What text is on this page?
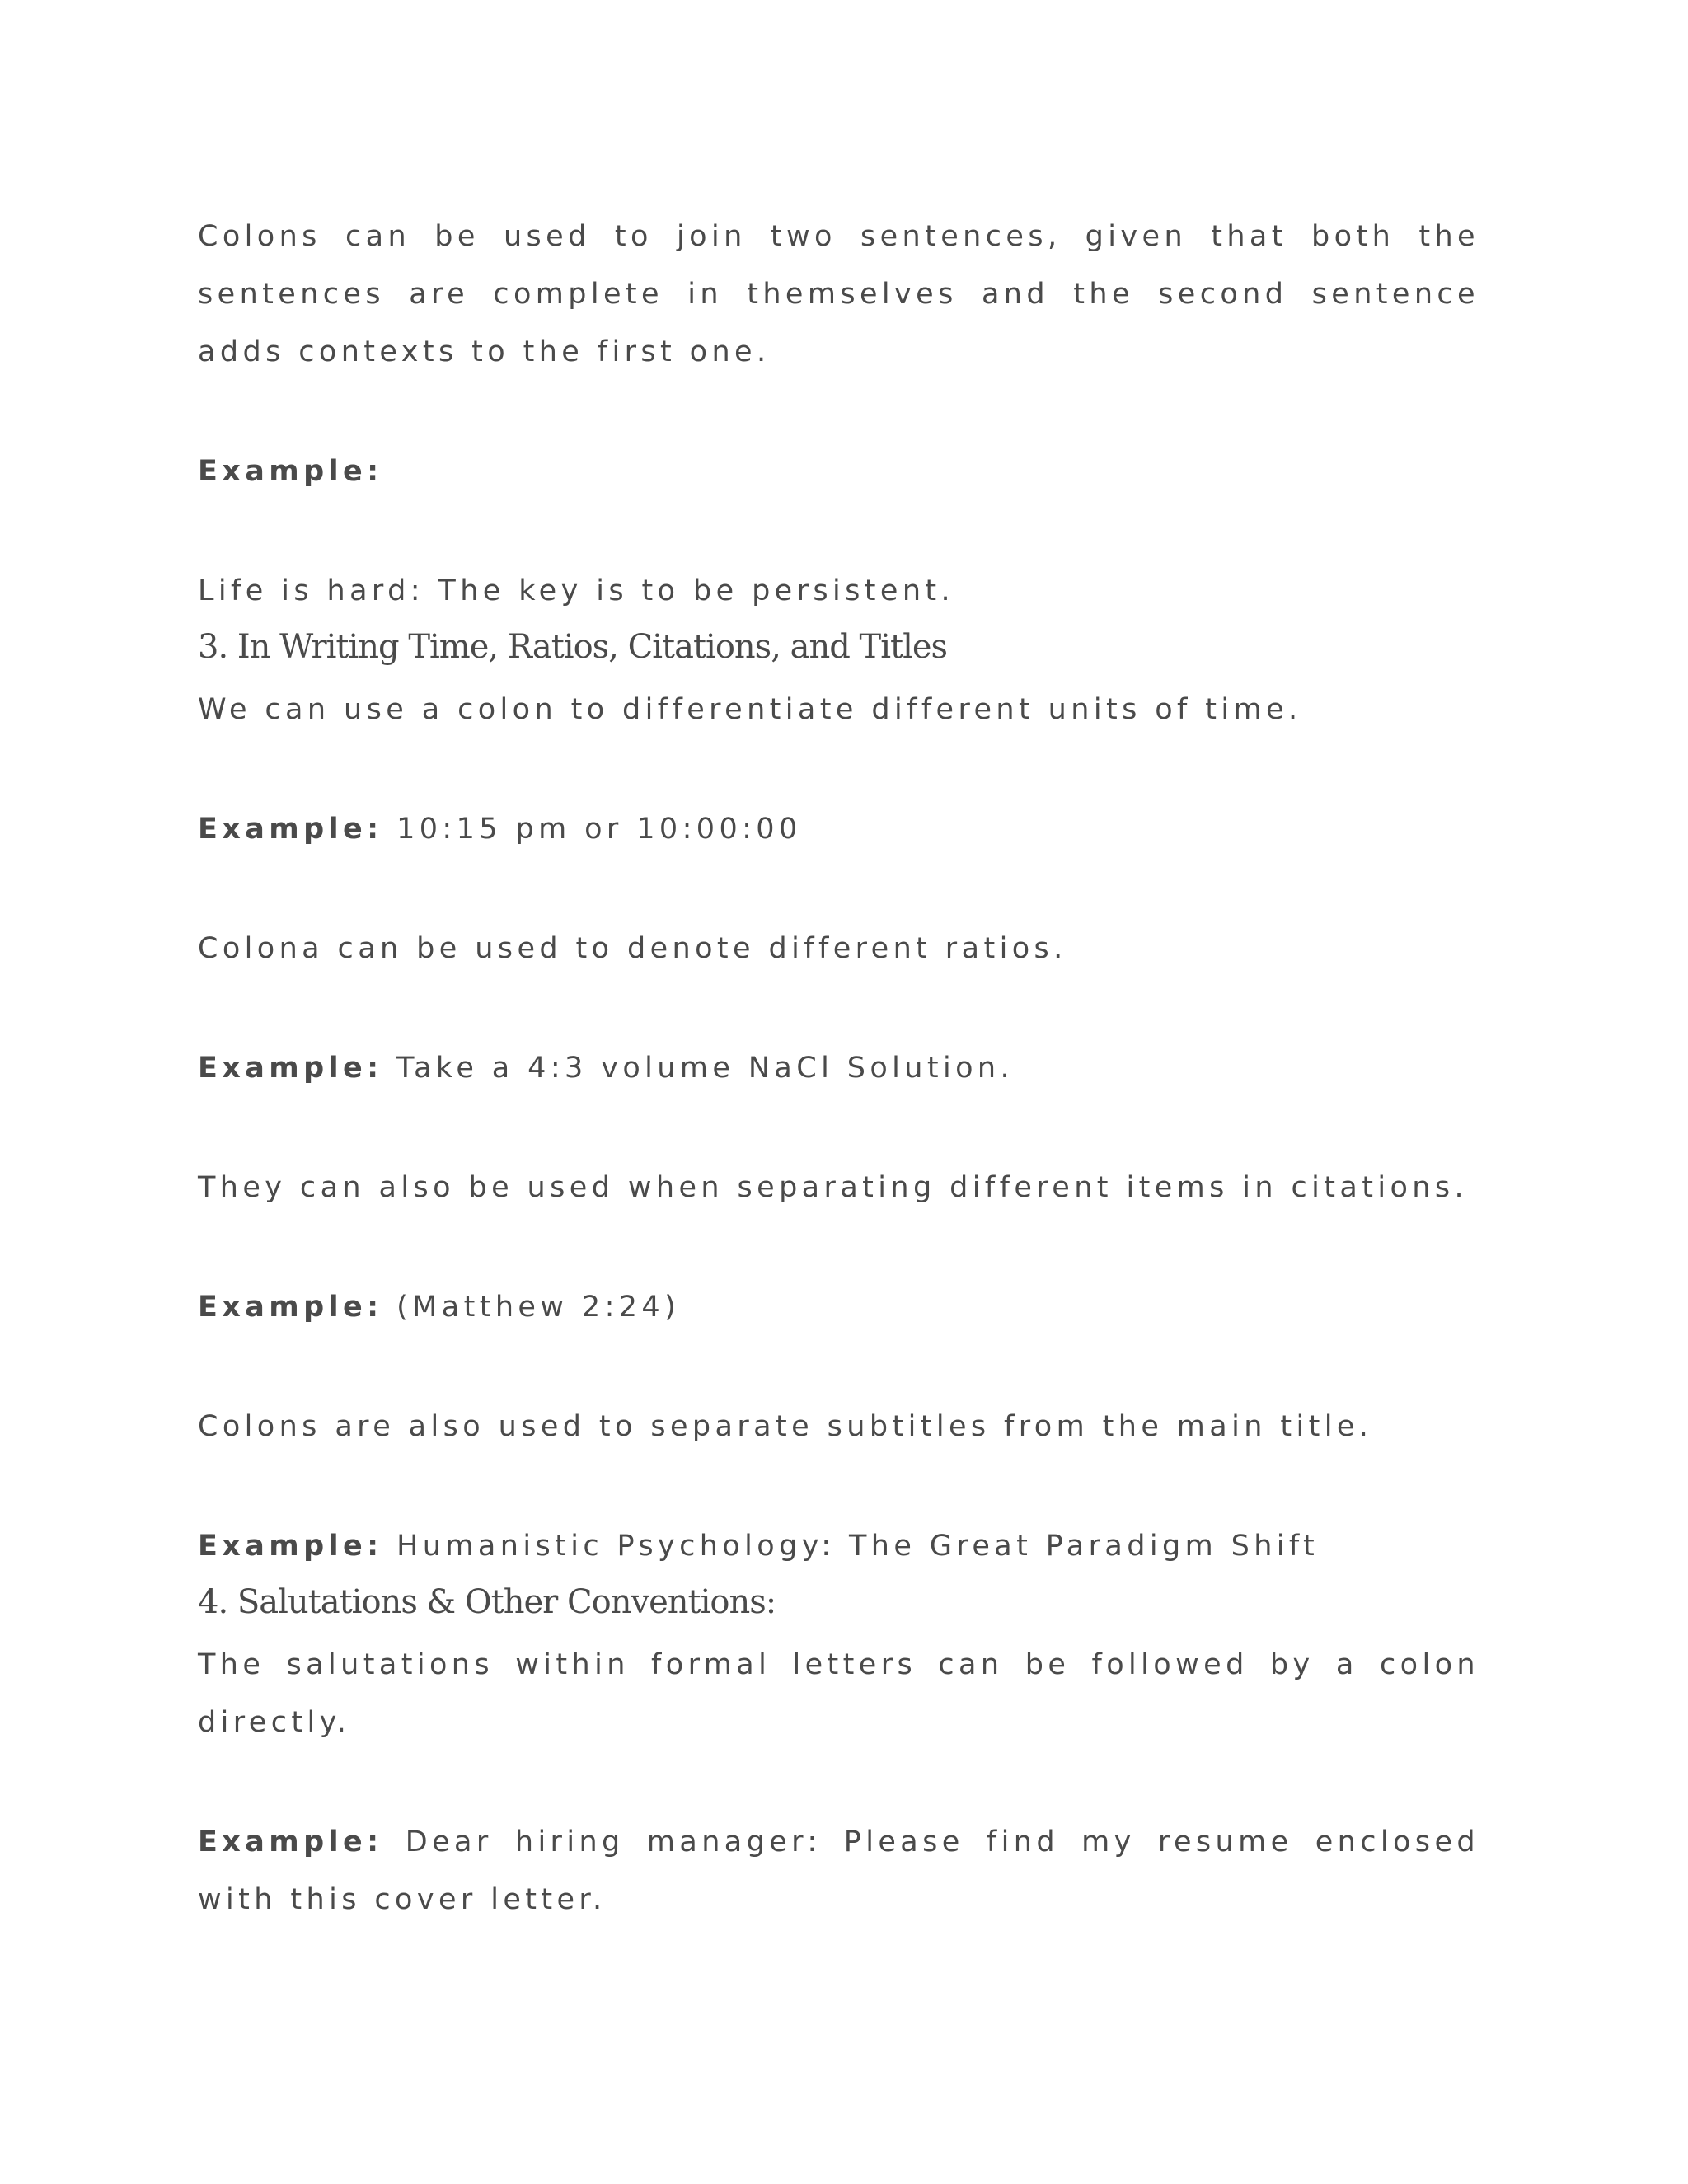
Colons can be used to join two sentences, given that both the sentences are complete in themselves and the second sentence adds contexts to the first one.

Example:

Life is hard: The key is to be persistent.

3. In Writing Time, Ratios, Citations, and Titles

We can use a colon to differentiate different units of time.

Example: 10:15 pm or 10:00:00

Colona can be used to denote different ratios.

Example: Take a 4:3 volume NaCl Solution.

They can also be used when separating different items in citations.

Example: (Matthew 2:24)

Colons are also used to separate subtitles from the main title.

Example: Humanistic Psychology: The Great Paradigm Shift

4. Salutations & Other Conventions:

The salutations within formal letters can be followed by a colon directly.

Example: Dear hiring manager: Please find my resume enclosed with this cover letter.
